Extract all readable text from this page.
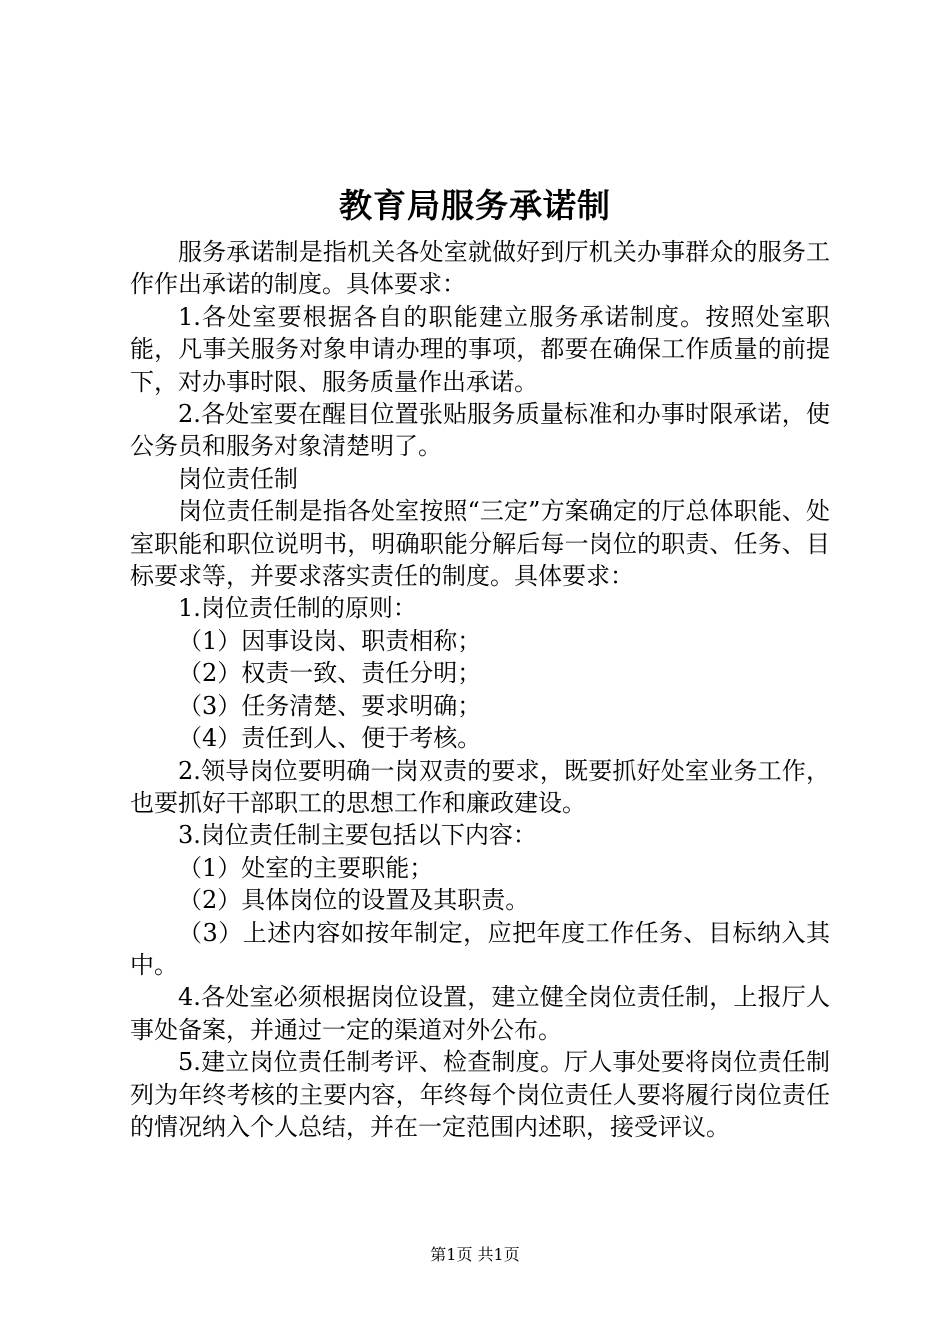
教育局服务承诺制

服务承诺制是指机关各处室就做好到厅机关办事群众的服务工作作出承诺的制度。具体要求：

1.各处室要根据各自的职能建立服务承诺制度。按照处室职能，凡事关服务对象申请办理的事项，都要在确保工作质量的前提下，对办事时限、服务质量作出承诺。

2.各处室要在醒目位置张贴服务质量标准和办事时限承诺，使公务员和服务对象清楚明了。

岗位责任制

岗位责任制是指各处室按照“三定”方案确定的厅总体职能、处室职能和职位说明书，明确职能分解后每一岗位的职责、任务、目标要求等，并要求落实责任的制度。具体要求：

1.岗位责任制的原则：

（1）因事设岗、职责相称；

（2）权责一致、责任分明；

（3）任务清楚、要求明确；

（4）责任到人、便于考核。

2.领导岗位要明确一岗双责的要求，既要抓好处室业务工作，也要抓好干部职工的思想工作和廉政建设。

3.岗位责任制主要包括以下内容：

（1）处室的主要职能；

（2）具体岗位的设置及其职责。

（3）上述内容如按年制定，应把年度工作任务、目标纳入其中。

4.各处室必须根据岗位设置，建立健全岗位责任制，上报厅人事处备案，并通过一定的渠道对外公布。

5.建立岗位责任制考评、检查制度。厅人事处要将岗位责任制列为年终考核的主要内容，年终每个岗位责任人要将履行岗位责任的情况纳入个人总结，并在一定范围内述职，接受评议。

第1页 共1页
